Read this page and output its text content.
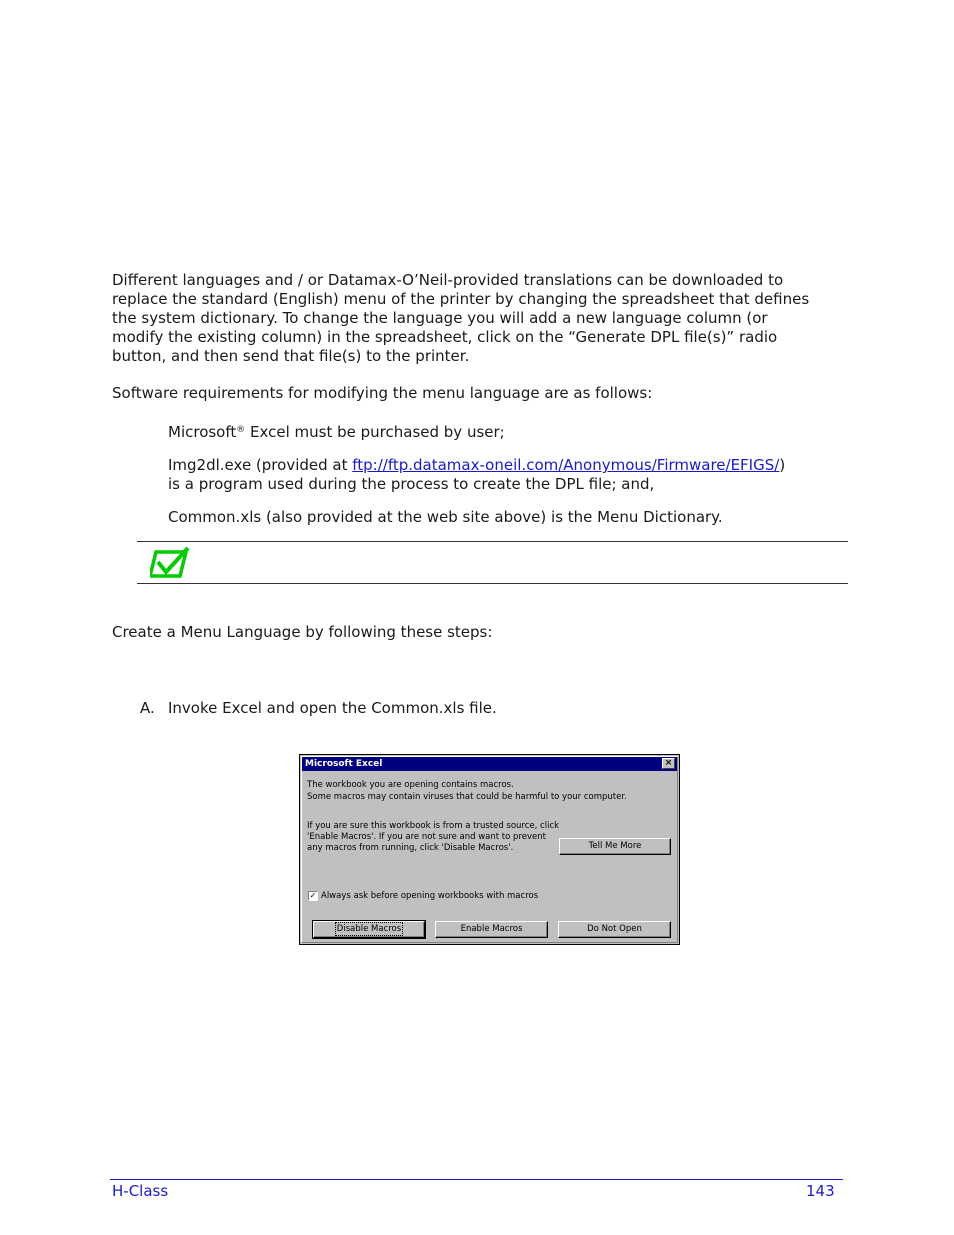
Different languages and / or Datamax-O’Neil-provided translations can be downloaded to
replace the standard (English) menu of the printer by changing the spreadsheet that defines
the system dictionary. To change the language you will add a new language column (or
modify the existing column) in the spreadsheet, click on the “Generate DPL file(s)” radio
button, and then send that file(s) to the printer.
Software requirements for modifying the menu language are as follows:
Microsoft® Excel must be purchased by user;
Img2dl.exe (provided at ftp://ftp.datamax-oneil.com/Anonymous/Firmware/EFIGS/)
is a program used during the process to create the DPL file; and,
Common.xls (also provided at the web site above) is the Menu Dictionary.
Create a Menu Language by following these steps:
A. Invoke Excel and open the Common.xls file.
Microsoft Excel	×
The workbook you are opening contains macros.
Some macros may contain viruses that could be harmful to your computer.
If you are sure this workbook is from a trusted source, click
'Enable Macros'. If you are not sure and want to prevent
any macros from running, click 'Disable Macros'.	Tell Me More
✓ Always ask before opening workbooks with macros
Disable Macros	Enable Macros	Do Not Open
H-Class	143
